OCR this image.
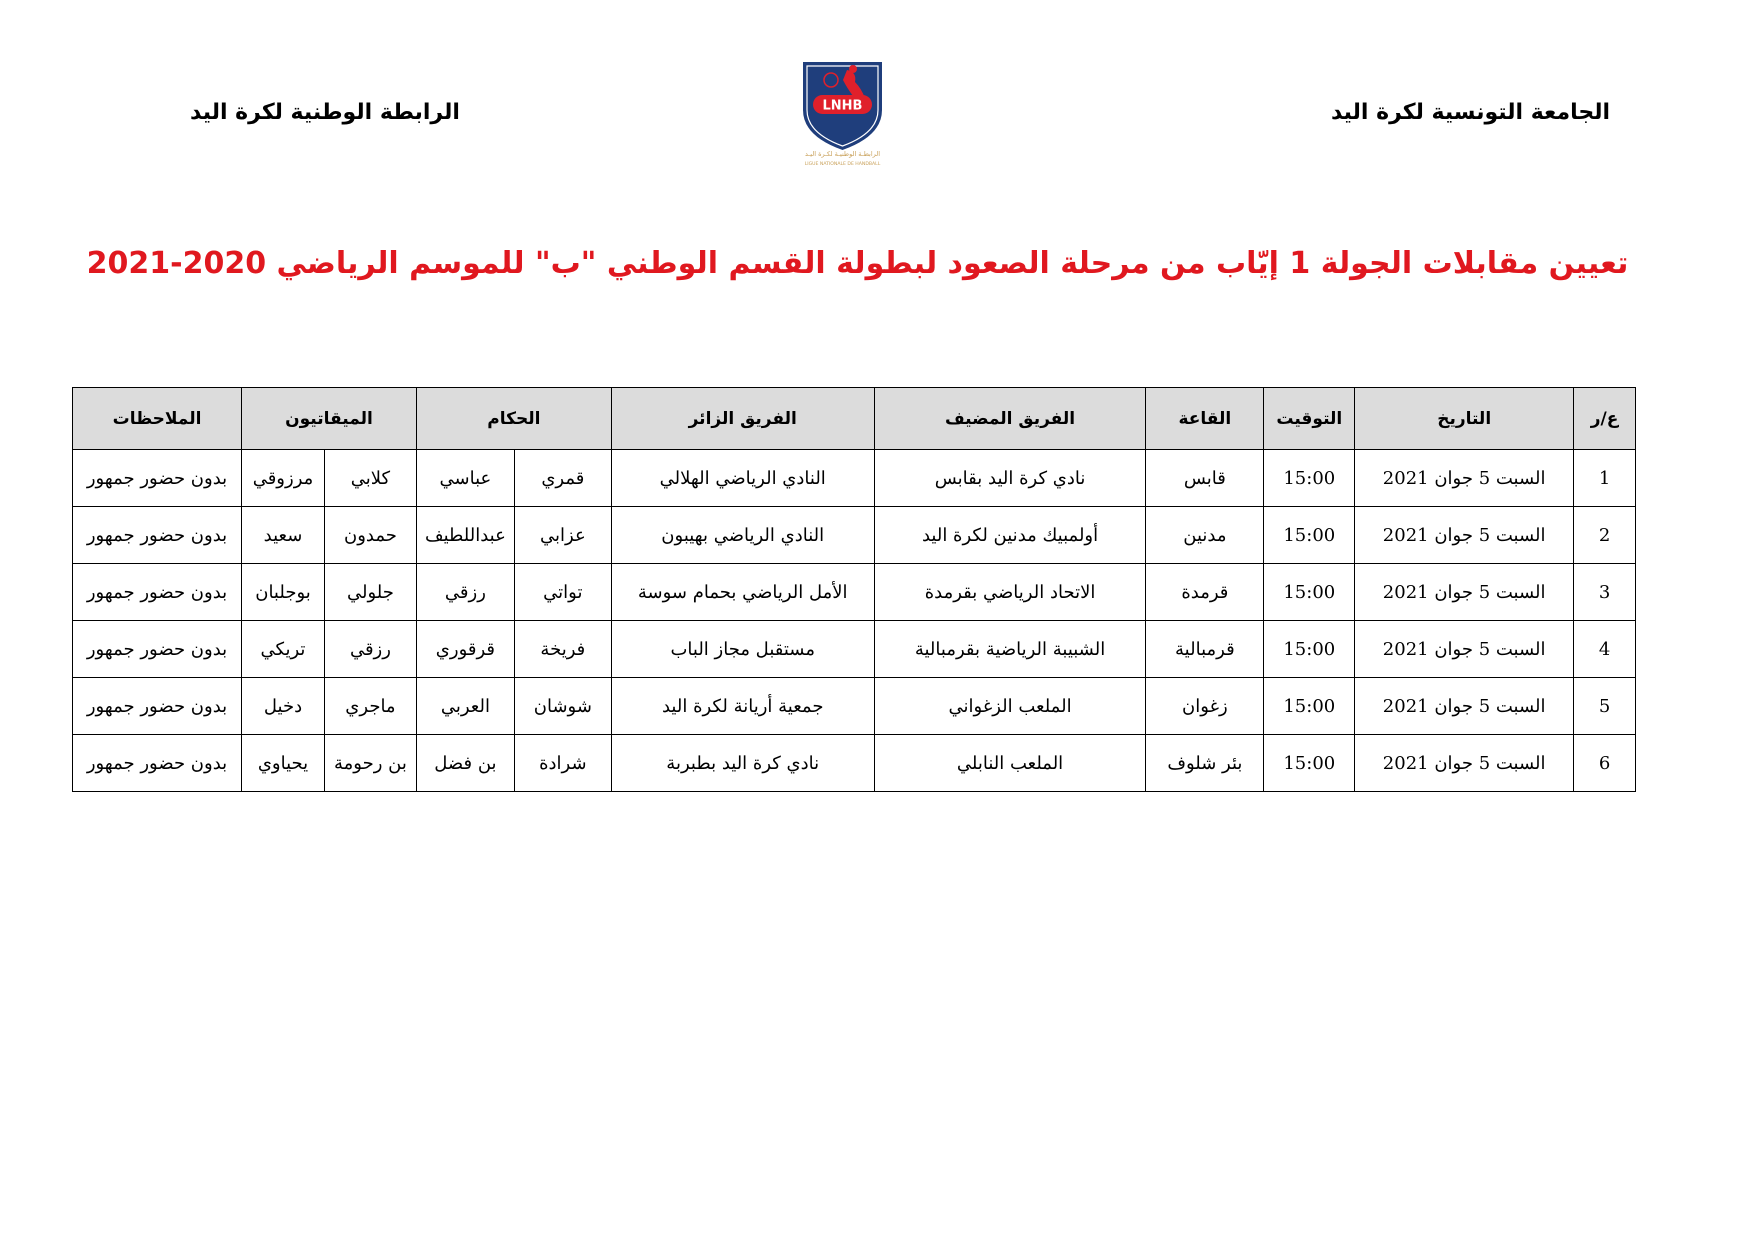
الجامعة التونسية لكرة اليد
LNHB
الرابطـة الوطنيـة لكـرة اليـد
LIGUE NATIONALE DE HANDBALL
الرابطة الوطنية لكرة اليد
تعيين مقابلات الجولة 1 إيّاب من مرحلة الصعود لبطولة القسم الوطني "ب" للموسم الرياضي 2020-2021
ع/ر	التاريخ	التوقيت	القاعة	الفريق المضيف	الفريق الزائر	الحكام		الميقاتيون		الملاحظات
1	السبت 5 جوان 2021	15:00	قابس	نادي كرة اليد بقابس	النادي الرياضي الهلالي	قمري	عباسي	كلابي	مرزوقي	بدون حضور جمهور
2	السبت 5 جوان 2021	15:00	مدنين	أولمبيك مدنين لكرة اليد	النادي الرياضي بهيبون	عزابي	عبداللطيف	حمدون	سعيد	بدون حضور جمهور
3	السبت 5 جوان 2021	15:00	قرمدة	الاتحاد الرياضي بقرمدة	الأمل الرياضي بحمام سوسة	تواتي	رزقي	جلولي	بوجلبان	بدون حضور جمهور
4	السبت 5 جوان 2021	15:00	قرمبالية	الشبيبة الرياضية بقرمبالية	مستقبل مجاز الباب	فريخة	قرقوري	رزقي	تريكي	بدون حضور جمهور
5	السبت 5 جوان 2021	15:00	زغوان	الملعب الزغواني	جمعية أريانة لكرة اليد	شوشان	العربي	ماجري	دخيل	بدون حضور جمهور
6	السبت 5 جوان 2021	15:00	بئر شلوف	الملعب النابلي	نادي كرة اليد بطبربة	شرادة	بن فضل	بن رحومة	يحياوي	بدون حضور جمهور
